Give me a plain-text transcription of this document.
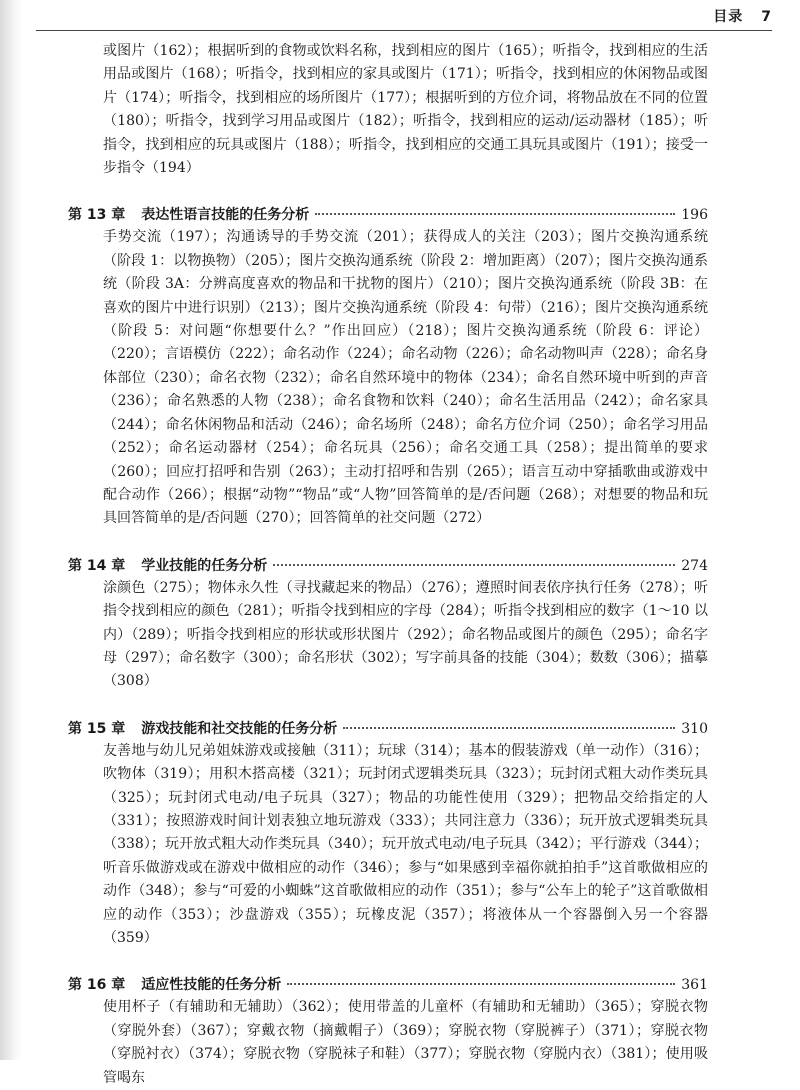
目录 7

或图片（162）；根据听到的食物或饮料名称，找到相应的图片（165）；听指令，找到相应的生活用品或图片（168）；听指令，找到相应的家具或图片（171）；听指令，找到相应的休闲物品或图片（174）；听指令，找到相应的场所图片（177）；根据听到的方位介词，将物品放在不同的位置（180）；听指令，找到学习用品或图片（182）；听指令，找到相应的运动/运动器材（185）；听指令，找到相应的玩具或图片（188）；听指令，找到相应的交通工具玩具或图片（191）；接受一步指令（194）

第 13 章 表达性语言技能的任务分析	196

手势交流（197）；沟通诱导的手势交流（201）；获得成人的关注（203）；图片交换沟通系统（阶段 1：以物换物）（205）；图片交换沟通系统（阶段 2：增加距离）（207）；图片交换沟通系统（阶段 3A：分辨高度喜欢的物品和干扰物的图片）（210）；图片交换沟通系统（阶段 3B：在喜欢的图片中进行识别）（213）；图片交换沟通系统（阶段 4：句带）（216）；图片交换沟通系统（阶段 5：对问题“你想要什么？”作出回应）（218）；图片交换沟通系统（阶段 6：评论）（220）；言语模仿（222）；命名动作（224）；命名动物（226）；命名动物叫声（228）；命名身体部位（230）；命名衣物（232）；命名自然环境中的物体（234）；命名自然环境中听到的声音（236）；命名熟悉的人物（238）；命名食物和饮料（240）；命名生活用品（242）；命名家具（244）；命名休闲物品和活动（246）；命名场所（248）；命名方位介词（250）；命名学习用品（252）；命名运动器材（254）；命名玩具（256）；命名交通工具（258）；提出简单的要求（260）；回应打招呼和告别（263）；主动打招呼和告别（265）；语言互动中穿插歌曲或游戏中配合动作（266）；根据“动物”“物品”或“人物”回答简单的是/否问题（268）；对想要的物品和玩具回答简单的是/否问题（270）；回答简单的社交问题（272）

第 14 章 学业技能的任务分析	274

涂颜色（275）；物体永久性（寻找藏起来的物品）（276）；遵照时间表依序执行任务（278）；听指令找到相应的颜色（281）；听指令找到相应的字母（284）；听指令找到相应的数字（1～10 以内）（289）；听指令找到相应的形状或形状图片（292）；命名物品或图片的颜色（295）；命名字母（297）；命名数字（300）；命名形状（302）；写字前具备的技能（304）；数数（306）；描摹（308）

第 15 章 游戏技能和社交技能的任务分析	310

友善地与幼儿兄弟姐妹游戏或接触（311）；玩球（314）；基本的假装游戏（单一动作）（316）；吹物体（319）；用积木搭高楼（321）；玩封闭式逻辑类玩具（323）；玩封闭式粗大动作类玩具（325）；玩封闭式电动/电子玩具（327）；物品的功能性使用（329）；把物品交给指定的人（331）；按照游戏时间计划表独立地玩游戏（333）；共同注意力（336）；玩开放式逻辑类玩具（338）；玩开放式粗大动作类玩具（340）；玩开放式电动/电子玩具（342）；平行游戏（344）；听音乐做游戏或在游戏中做相应的动作（346）；参与“如果感到幸福你就拍拍手”这首歌做相应的动作（348）；参与“可爱的小蜘蛛”这首歌做相应的动作（351）；参与“公车上的轮子”这首歌做相应的动作（353）；沙盘游戏（355）；玩橡皮泥（357）；将液体从一个容器倒入另一个容器（359）

第 16 章 适应性技能的任务分析	361

使用杯子（有辅助和无辅助）（362）；使用带盖的儿童杯（有辅助和无辅助）（365）；穿脱衣物（穿脱外套）（367）；穿戴衣物（摘戴帽子）（369）；穿脱衣物（穿脱裤子）（371）；穿脱衣物（穿脱衬衣）（374）；穿脱衣物（穿脱袜子和鞋）（377）；穿脱衣物（穿脱内衣）（381）；使用吸管喝东
